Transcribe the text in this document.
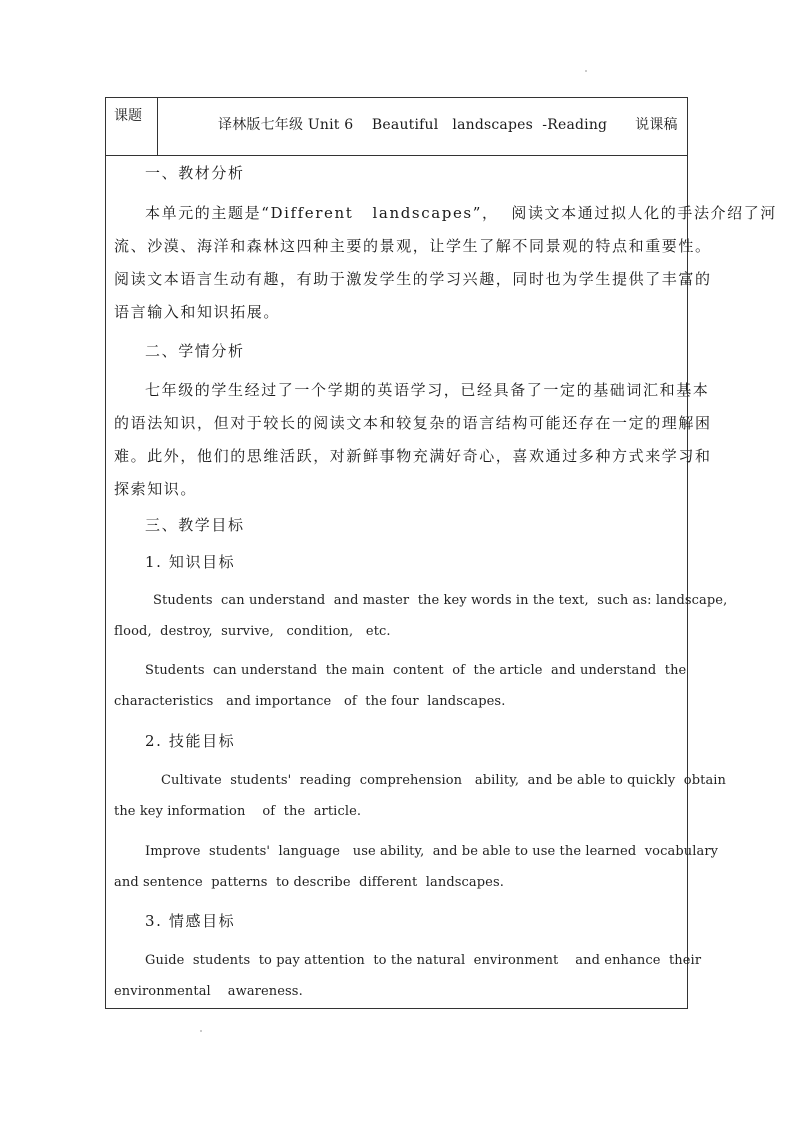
课题
译林版七年级 Unit 6    Beautiful   landscapes  -Reading      说课稿
一、教材分析
本单元的主题是“Different   landscapes”，  阅读文本通过拟人化的手法介绍了河
流、沙漠、海洋和森林这四种主要的景观，让学生了解不同景观的特点和重要性。
阅读文本语言生动有趣，有助于激发学生的学习兴趣，同时也为学生提供了丰富的
语言输入和知识拓展。
二、学情分析
七年级的学生经过了一个学期的英语学习，已经具备了一定的基础词汇和基本
的语法知识，但对于较长的阅读文本和较复杂的语言结构可能还存在一定的理解困
难。此外，他们的思维活跃，对新鲜事物充满好奇心，喜欢通过多种方式来学习和
探索知识。
三、教学目标
1. 知识目标
Students  can understand  and master  the key words in the text,  such as: landscape,
flood,  destroy,  survive,   condition,   etc.
Students  can understand  the main  content  of  the article  and understand  the
characteristics   and importance   of  the four  landscapes.
2. 技能目标
Cultivate  students'  reading  comprehension   ability,  and be able to quickly  obtain
the key information    of  the  article.
Improve  students'  language   use ability,  and be able to use the learned  vocabulary
and sentence  patterns  to describe  different  landscapes.
3. 情感目标
Guide  students  to pay attention  to the natural  environment    and enhance  their
environmental    awareness.
